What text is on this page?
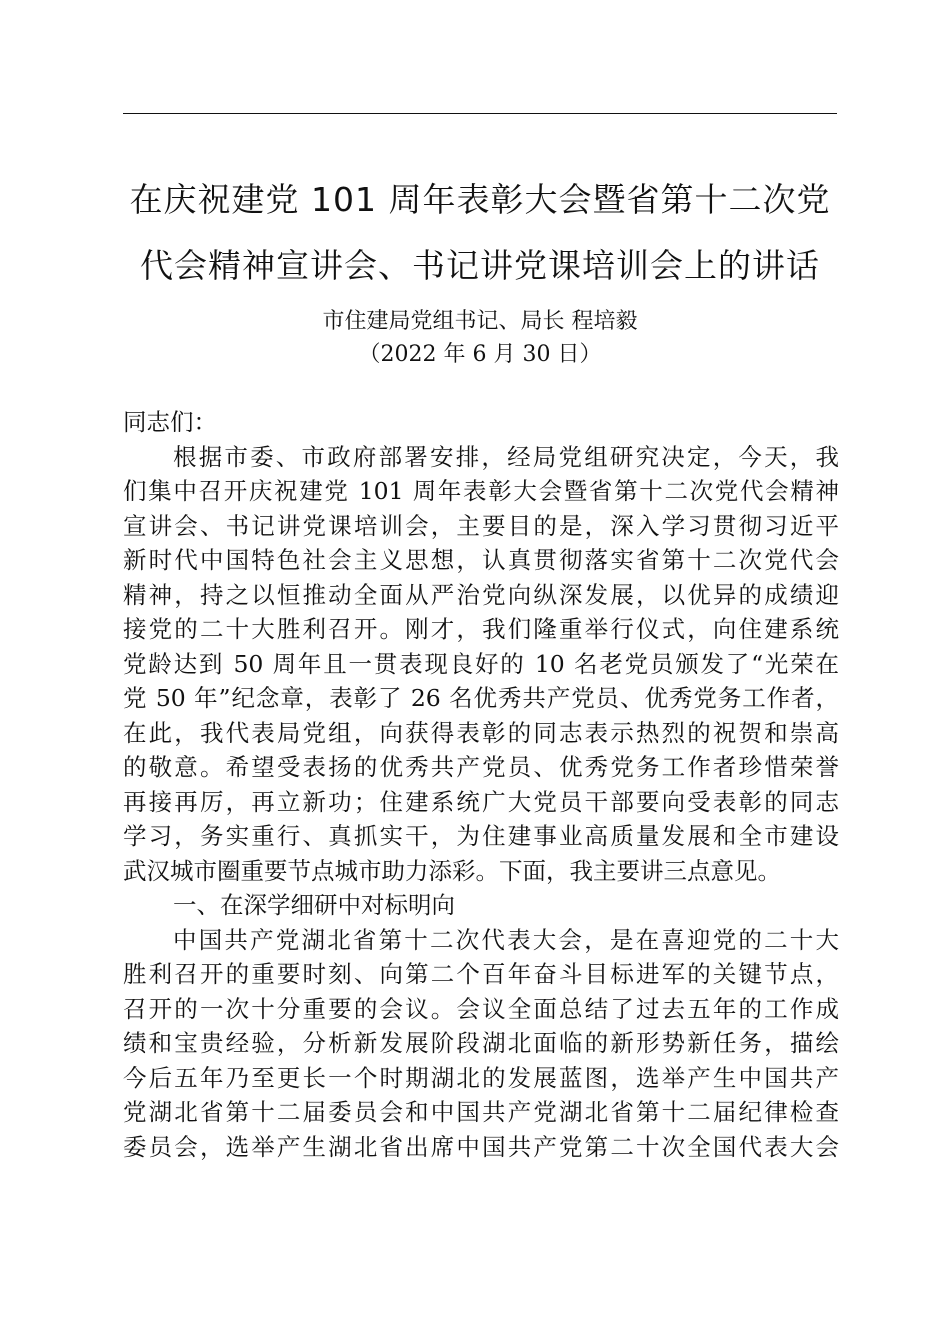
在庆祝建党 101 周年表彰大会暨省第十二次党
代会精神宣讲会、书记讲党课培训会上的讲话
市住建局党组书记、局长 程培毅
（2022 年 6 月 30 日）
同志们：
根据市委、市政府部署安排，经局党组研究决定，今天，我
们集中召开庆祝建党 101 周年表彰大会暨省第十二次党代会精神
宣讲会、书记讲党课培训会，主要目的是，深入学习贯彻习近平
新时代中国特色社会主义思想，认真贯彻落实省第十二次党代会
精神，持之以恒推动全面从严治党向纵深发展，以优异的成绩迎
接党的二十大胜利召开。刚才，我们隆重举行仪式，向住建系统
党龄达到 50 周年且一贯表现良好的 10 名老党员颁发了“光荣在
党 50 年”纪念章，表彰了 26 名优秀共产党员、优秀党务工作者，
在此，我代表局党组，向获得表彰的同志表示热烈的祝贺和崇高
的敬意。希望受表扬的优秀共产党员、优秀党务工作者珍惜荣誉
再接再厉，再立新功；住建系统广大党员干部要向受表彰的同志
学习，务实重行、真抓实干，为住建事业高质量发展和全市建设
武汉城市圈重要节点城市助力添彩。下面，我主要讲三点意见。
一、在深学细研中对标明向
中国共产党湖北省第十二次代表大会，是在喜迎党的二十大
胜利召开的重要时刻、向第二个百年奋斗目标进军的关键节点，
召开的一次十分重要的会议。会议全面总结了过去五年的工作成
绩和宝贵经验，分析新发展阶段湖北面临的新形势新任务，描绘
今后五年乃至更长一个时期湖北的发展蓝图，选举产生中国共产
党湖北省第十二届委员会和中国共产党湖北省第十二届纪律检查
委员会，选举产生湖北省出席中国共产党第二十次全国代表大会
